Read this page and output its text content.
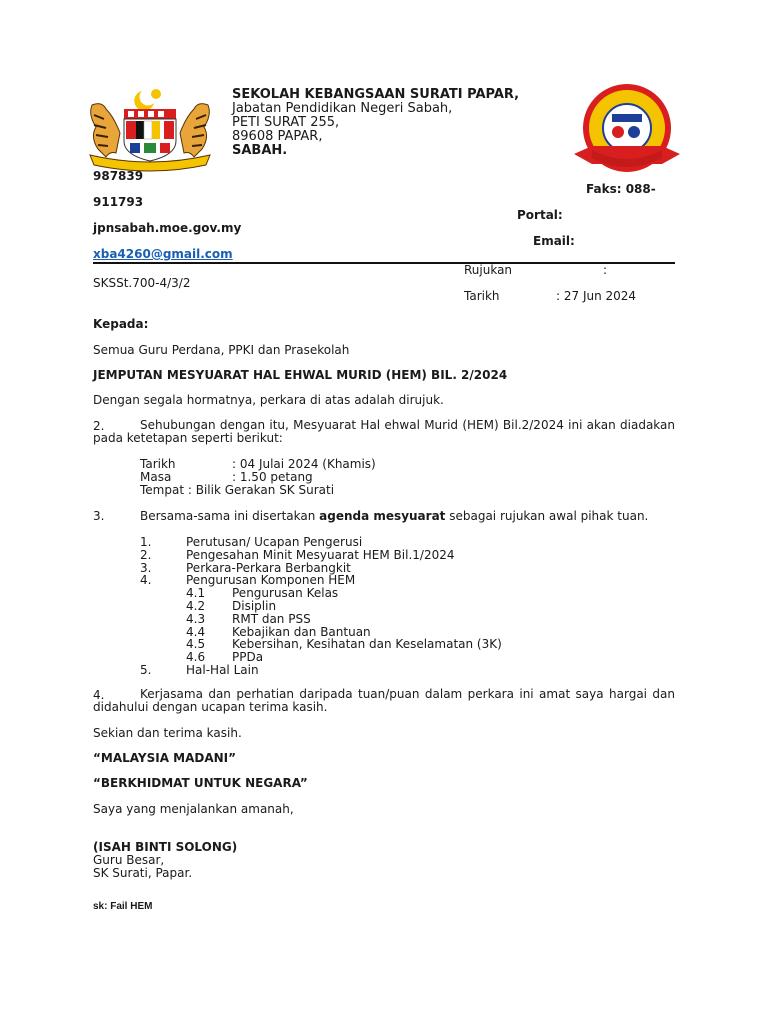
SEKOLAH KEBANGSAAN SURATI PAPAR,
Jabatan Pendidikan Negeri Sabah,
PETI SURAT 255,
89608 PAPAR,
SABAH.
987839
Faks: 088-
911793
Portal:
jpnsabah.moe.gov.my
Email:
xba4260@gmail.com
Rujukan	:
SKSSt.700-4/3/2
Tarikh	: 27 Jun 2024
Kepada:
Semua Guru Perdana, PPKI dan Prasekolah
JEMPUTAN MESYUARAT HAL EHWAL MURID (HEM) BIL. 2/2024
Dengan segala hormatnya, perkara di atas adalah dirujuk.
2.	Sehubungan dengan itu, Mesyuarat Hal ehwal Murid (HEM) Bil.2/2024 ini akan diadakan pada ketetapan seperti berikut:
Tarikh	: 04 Julai 2024 (Khamis)
Masa	: 1.50 petang
Tempat : Bilik Gerakan SK Surati
3.	Bersama-sama ini disertakan agenda mesyuarat sebagai rujukan awal pihak tuan.
1.	Perutusan/ Ucapan Pengerusi
2.	Pengesahan Minit Mesyuarat HEM Bil.1/2024
3.	Perkara-Perkara Berbangkit
4.	Pengurusan Komponen HEM
4.1 Pengurusan Kelas
4.2 Disiplin
4.3 RMT dan PSS
4.4 Kebajikan dan Bantuan
4.5 Kebersihan, Kesihatan dan Keselamatan (3K)
4.6 PPDa
5.	Hal-Hal Lain
4.	Kerjasama dan perhatian daripada tuan/puan dalam perkara ini amat saya hargai dan didahului dengan ucapan terima kasih.
Sekian dan terima kasih.
“MALAYSIA MADANI”
“BERKHIDMAT UNTUK NEGARA”
Saya yang menjalankan amanah,
(ISAH BINTI SOLONG)
Guru Besar,
SK Surati, Papar.
sk: Fail HEM
